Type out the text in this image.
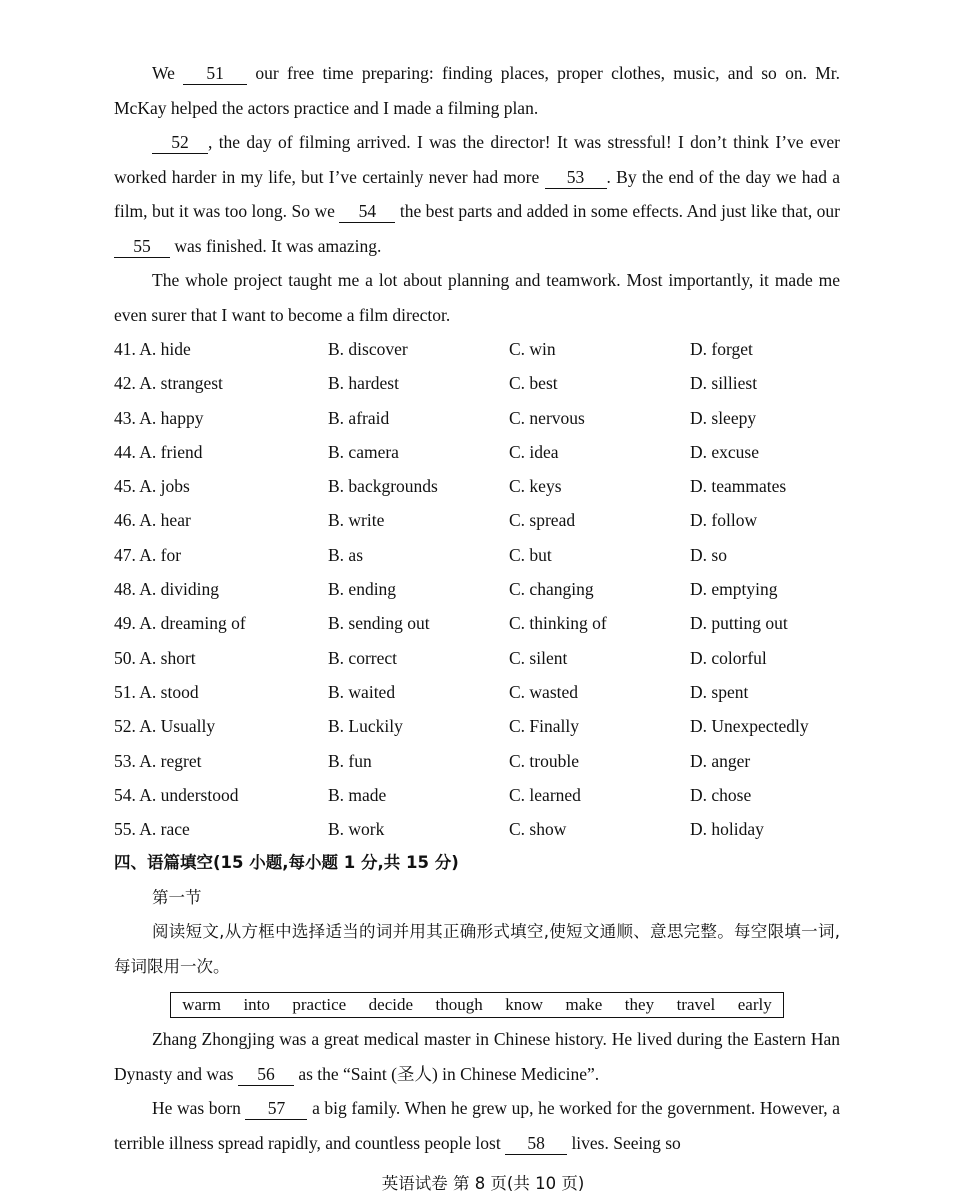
We 51 our free time preparing: finding places, proper clothes, music, and so on. Mr. McKay helped the actors practice and I made a filming plan.

52 , the day of filming arrived. I was the director! It was stressful! I don’t think I’ve ever worked harder in my life, but I’ve certainly never had more 53 . By the end of the day we had a film, but it was too long. So we 54 the best parts and added in some effects. And just like that, our 55 was finished. It was amazing.

The whole project taught me a lot about planning and teamwork. Most importantly, it made me even surer that I want to become a film director.

41. A. hide	B. discover	C. win	D. forget
42. A. strangest	B. hardest	C. best	D. silliest
43. A. happy	B. afraid	C. nervous	D. sleepy
44. A. friend	B. camera	C. idea	D. excuse
45. A. jobs	B. backgrounds	C. keys	D. teammates
46. A. hear	B. write	C. spread	D. follow
47. A. for	B. as	C. but	D. so
48. A. dividing	B. ending	C. changing	D. emptying
49. A. dreaming of	B. sending out	C. thinking of	D. putting out
50. A. short	B. correct	C. silent	D. colorful
51. A. stood	B. waited	C. wasted	D. spent
52. A. Usually	B. Luckily	C. Finally	D. Unexpectedly
53. A. regret	B. fun	C. trouble	D. anger
54. A. understood	B. made	C. learned	D. chose
55. A. race	B. work	C. show	D. holiday
四、语篇填空(15 小题,每小题 1 分,共 15 分)
第一节

阅读短文,从方框中选择适当的词并用其正确形式填空,使短文通顺、意思完整。每空限填一词,每词限用一次。

warm into practice decide though know make they travel early

Zhang Zhongjing was a great medical master in Chinese history. He lived during the Eastern Han Dynasty and was 56 as the “Saint (圣人) in Chinese Medicine”.

He was born 57 a big family. When he grew up, he worked for the government. However, a terrible illness spread rapidly, and countless people lost 58 lives. Seeing so

英语试卷 第 8 页(共 10 页)
